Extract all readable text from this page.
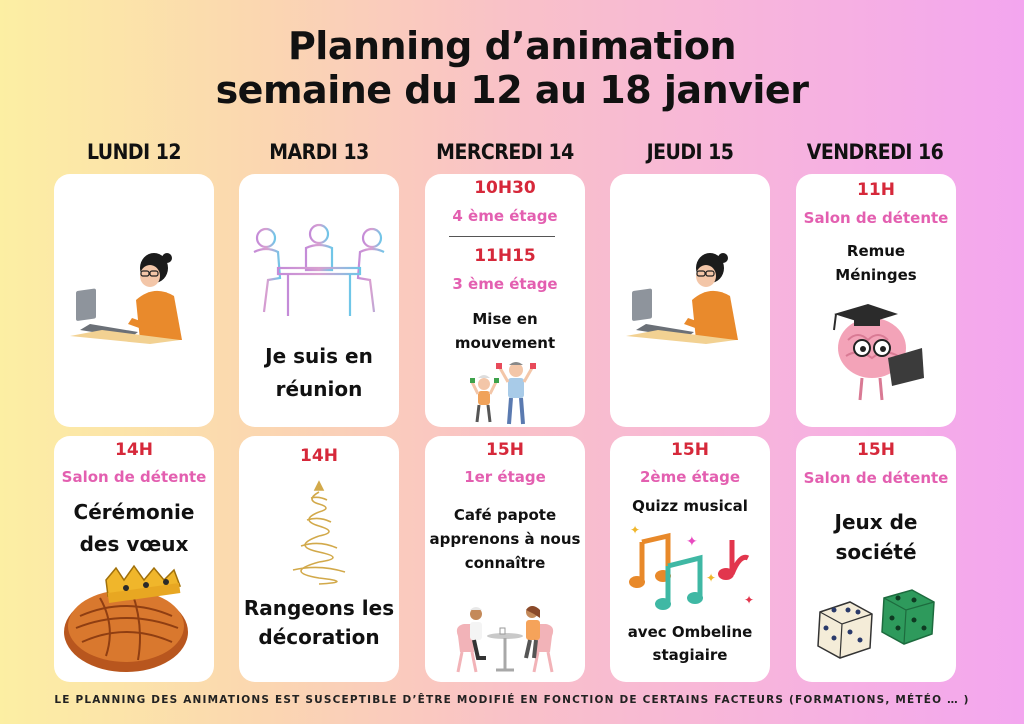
Planning d’animation
semaine du 12 au 18 janvier
LUNDI 12	MARDI 13	MERCREDI 14	JEUDI 15	VENDREDI 16
Je suis en
réunion
10H30
4 ème étage
11H15
3 ème étage
Mise en
mouvement
11H
Salon de détente
Remue
Méninges
14H
Salon de détente
Cérémonie
des vœux
14H
Rangeons les
décoration
15H
1er étage
Café papote
apprenons à nous
connaître
15H
2ème étage
Quizz musical
✦
✦
✦
✦
avec Ombeline
stagiaire
15H
Salon de détente
Jeux de
société
LE PLANNING DES ANIMATIONS EST SUSCEPTIBLE D’ÊTRE MODIFIÉ EN FONCTION DE CERTAINS FACTEURS (FORMATIONS, MÉTÉO … )
